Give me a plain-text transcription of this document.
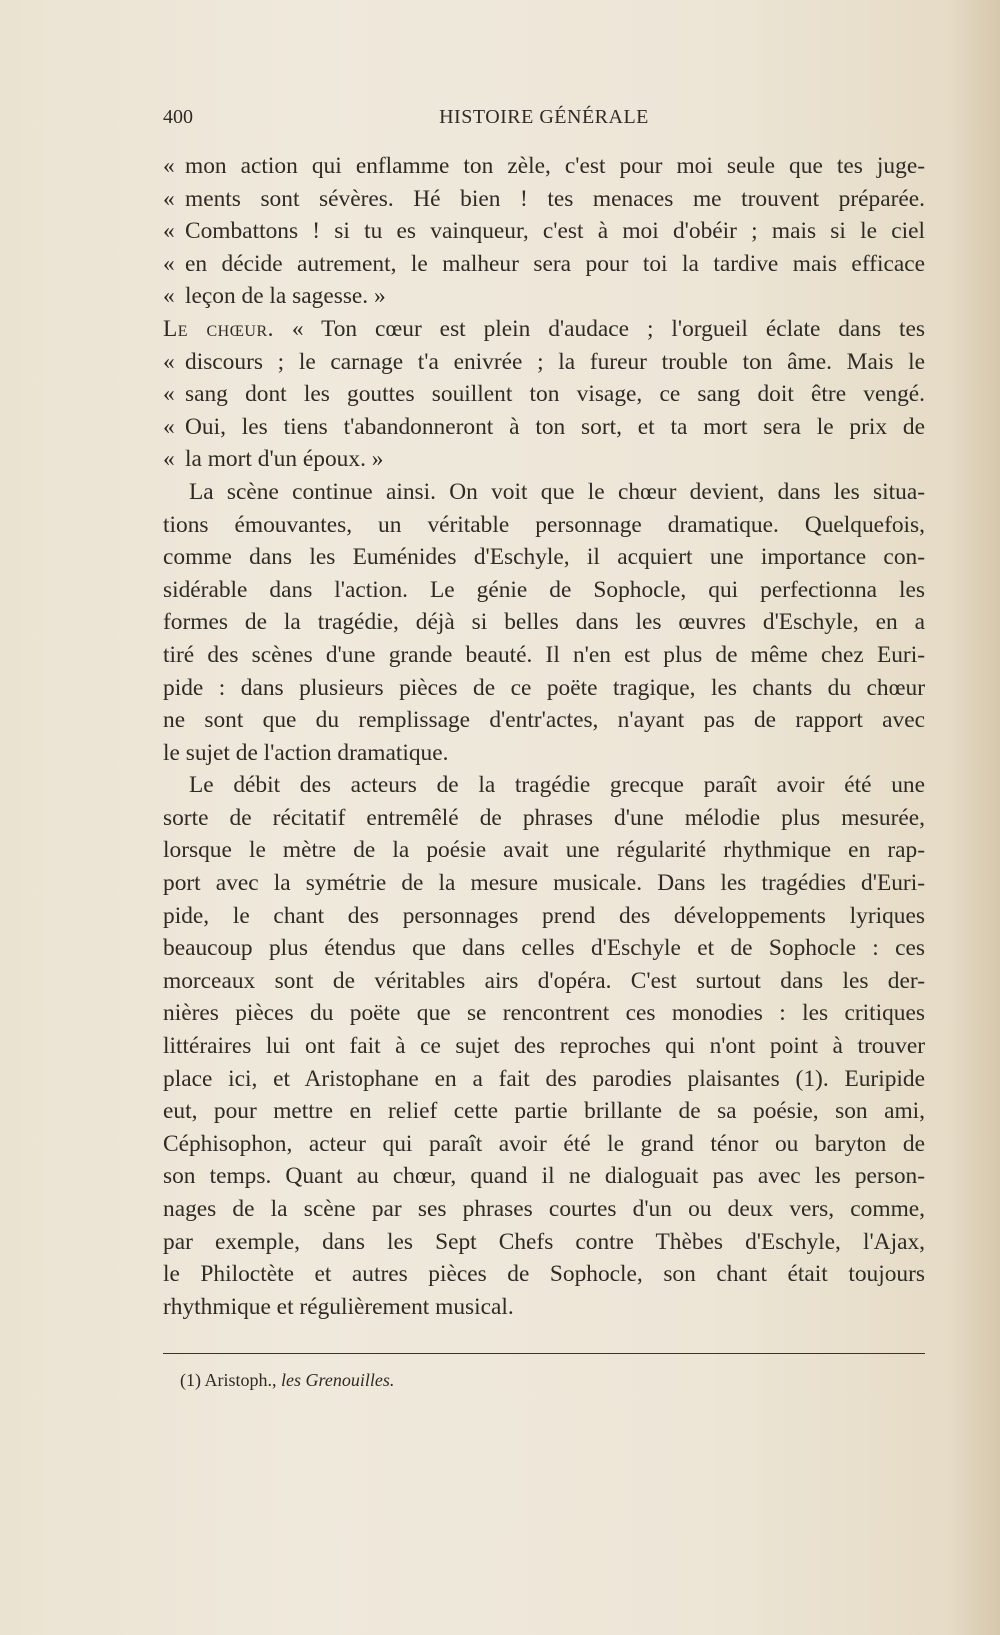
400	HISTOIRE GÉNÉRALE
« mon action qui enflamme ton zèle, c'est pour moi seule que tes juge-
« ments sont sévères. Hé bien ! tes menaces me trouvent préparée.
« Combattons ! si tu es vainqueur, c'est à moi d'obéir ; mais si le ciel
« en décide autrement, le malheur sera pour toi la tardive mais efficace
« leçon de la sagesse. »
Le chœur. « Ton cœur est plein d'audace ; l'orgueil éclate dans tes
« discours ; le carnage t'a enivrée ; la fureur trouble ton âme. Mais le
« sang dont les gouttes souillent ton visage, ce sang doit être vengé.
« Oui, les tiens t'abandonneront à ton sort, et ta mort sera le prix de
« la mort d'un époux. »
La scène continue ainsi. On voit que le chœur devient, dans les situa-
tions émouvantes, un véritable personnage dramatique. Quelquefois,
comme dans les Euménides d'Eschyle, il acquiert une importance con-
sidérable dans l'action. Le génie de Sophocle, qui perfectionna les
formes de la tragédie, déjà si belles dans les œuvres d'Eschyle, en a
tiré des scènes d'une grande beauté. Il n'en est plus de même chez Euri-
pide : dans plusieurs pièces de ce poëte tragique, les chants du chœur
ne sont que du remplissage d'entr'actes, n'ayant pas de rapport avec
le sujet de l'action dramatique.
Le débit des acteurs de la tragédie grecque paraît avoir été une
sorte de récitatif entremêlé de phrases d'une mélodie plus mesurée,
lorsque le mètre de la poésie avait une régularité rhythmique en rap-
port avec la symétrie de la mesure musicale. Dans les tragédies d'Euri-
pide, le chant des personnages prend des développements lyriques
beaucoup plus étendus que dans celles d'Eschyle et de Sophocle : ces
morceaux sont de véritables airs d'opéra. C'est surtout dans les der-
nières pièces du poëte que se rencontrent ces monodies : les critiques
littéraires lui ont fait à ce sujet des reproches qui n'ont point à trouver
place ici, et Aristophane en a fait des parodies plaisantes (1). Euripide
eut, pour mettre en relief cette partie brillante de sa poésie, son ami,
Céphisophon, acteur qui paraît avoir été le grand ténor ou baryton de
son temps. Quant au chœur, quand il ne dialoguait pas avec les person-
nages de la scène par ses phrases courtes d'un ou deux vers, comme,
par exemple, dans les Sept Chefs contre Thèbes d'Eschyle, l'Ajax,
le Philoctète et autres pièces de Sophocle, son chant était toujours
rhythmique et régulièrement musical.
(1) Aristoph., les Grenouilles.
